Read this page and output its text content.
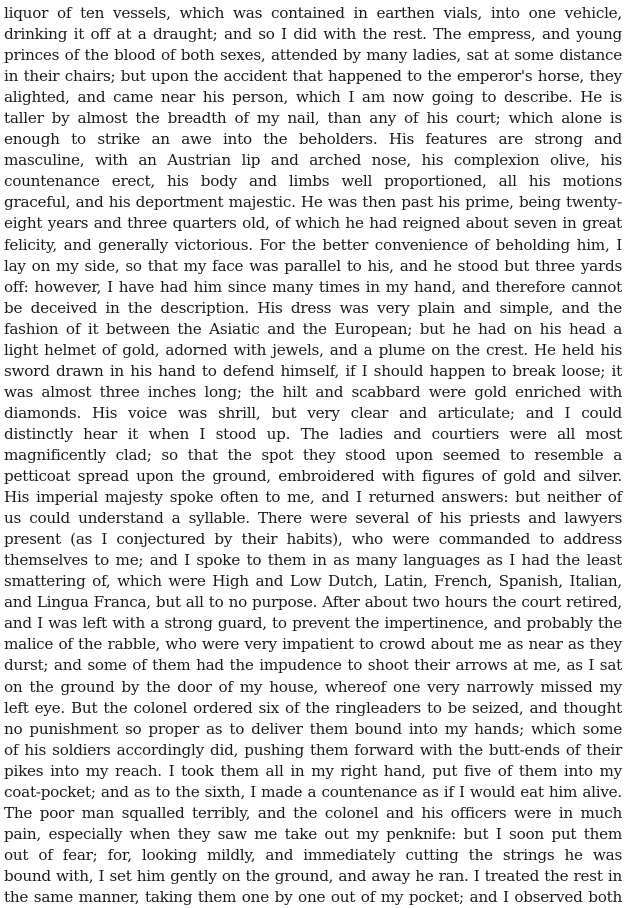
liquor of ten vessels, which was contained in earthen vials, into one vehicle,
drinking it off at a draught; and so I did with the rest. The empress, and young
princes of the blood of both sexes, attended by many ladies, sat at some distance
in their chairs; but upon the accident that happened to the emperor's horse, they
alighted, and came near his person, which I am now going to describe. He is
taller by almost the breadth of my nail, than any of his court; which alone is
enough to strike an awe into the beholders. His features are strong and
masculine, with an Austrian lip and arched nose, his complexion olive, his
countenance erect, his body and limbs well proportioned, all his motions
graceful, and his deportment majestic. He was then past his prime, being twenty-
eight years and three quarters old, of which he had reigned about seven in great
felicity, and generally victorious. For the better convenience of beholding him, I
lay on my side, so that my face was parallel to his, and he stood but three yards
off: however, I have had him since many times in my hand, and therefore cannot
be deceived in the description. His dress was very plain and simple, and the
fashion of it between the Asiatic and the European; but he had on his head a
light helmet of gold, adorned with jewels, and a plume on the crest. He held his
sword drawn in his hand to defend himself, if I should happen to break loose; it
was almost three inches long; the hilt and scabbard were gold enriched with
diamonds. His voice was shrill, but very clear and articulate; and I could
distinctly hear it when I stood up. The ladies and courtiers were all most
magnificently clad; so that the spot they stood upon seemed to resemble a
petticoat spread upon the ground, embroidered with figures of gold and silver.
His imperial majesty spoke often to me, and I returned answers: but neither of
us could understand a syllable. There were several of his priests and lawyers
present (as I conjectured by their habits), who were commanded to address
themselves to me; and I spoke to them in as many languages as I had the least
smattering of, which were High and Low Dutch, Latin, French, Spanish, Italian,
and Lingua Franca, but all to no purpose. After about two hours the court retired,
and I was left with a strong guard, to prevent the impertinence, and probably the
malice of the rabble, who were very impatient to crowd about me as near as they
durst; and some of them had the impudence to shoot their arrows at me, as I sat
on the ground by the door of my house, whereof one very narrowly missed my
left eye. But the colonel ordered six of the ringleaders to be seized, and thought
no punishment so proper as to deliver them bound into my hands; which some
of his soldiers accordingly did, pushing them forward with the butt-ends of their
pikes into my reach. I took them all in my right hand, put five of them into my
coat-pocket; and as to the sixth, I made a countenance as if I would eat him alive.
The poor man squalled terribly, and the colonel and his officers were in much
pain, especially when they saw me take out my penknife: but I soon put them
out of fear; for, looking mildly, and immediately cutting the strings he was
bound with, I set him gently on the ground, and away he ran. I treated the rest in
the same manner, taking them one by one out of my pocket; and I observed both
